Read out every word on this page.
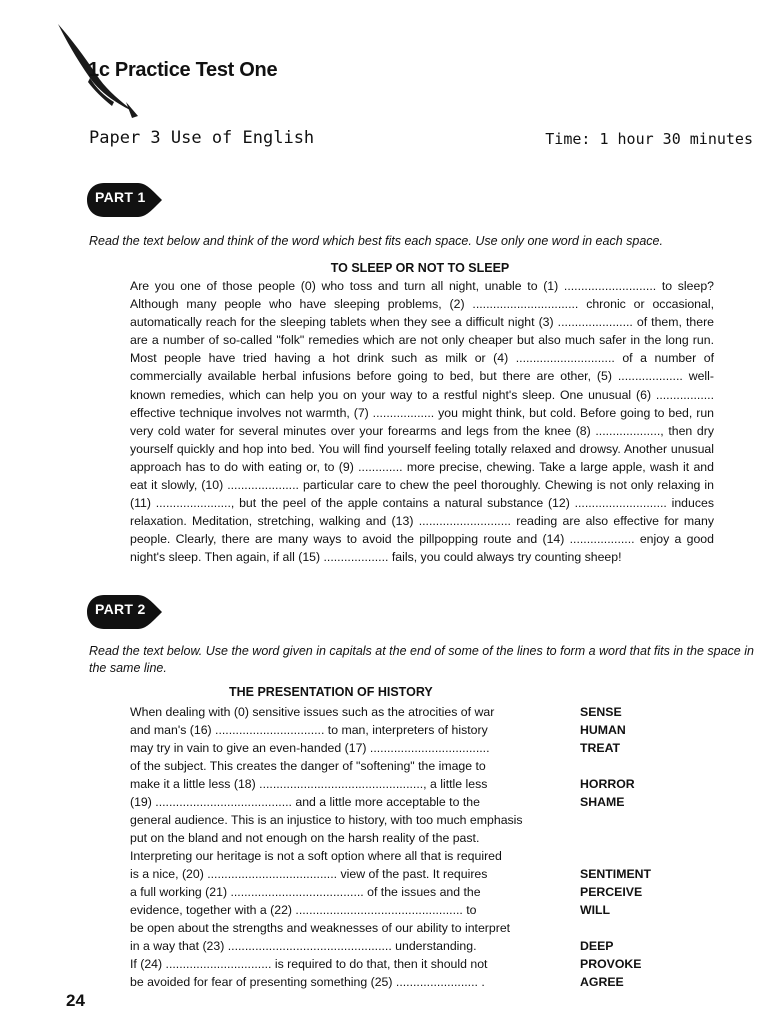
1c Practice Test One
Paper 3 Use of English	Time: 1 hour 30 minutes
PART 1
Read the text below and think of the word which best fits each space. Use only one word in each space.
TO SLEEP OR NOT TO SLEEP

Are you one of those people (0) who toss and turn all night, unable to (1) ........................... to sleep? Although many people who have sleeping problems, (2) ............................... chronic or occasional, automatically reach for the sleeping tablets when they see a difficult night (3) ...................... of them, there are a number of so-called "folk" remedies which are not only cheaper but also much safer in the long run. Most people have tried having a hot drink such as milk or (4) ............................. of a number of commercially available herbal infusions before going to bed, but there are other, (5) ................... well-known remedies, which can help you on your way to a restful night's sleep. One unusual (6) ................. effective technique involves not warmth, (7) .................. you might think, but cold. Before going to bed, run very cold water for several minutes over your forearms and legs from the knee (8) ..................., then dry yourself quickly and hop into bed. You will find yourself feeling totally relaxed and drowsy. Another unusual approach has to do with eating or, to (9) ............. more precise, chewing. Take a large apple, wash it and eat it slowly, (10) ..................... particular care to chew the peel thoroughly. Chewing is not only relaxing in (11) ......................, but the peel of the apple contains a natural substance (12) ........................... induces relaxation. Meditation, stretching, walking and (13) ........................... reading are also effective for many people. Clearly, there are many ways to avoid the pillpopping route and (14) ................... enjoy a good night's sleep. Then again, if all (15) ................... fails, you could always try counting sheep!

PART 2
Read the text below. Use the word given in capitals at the end of some of the lines to form a word that fits in the space in the same line.
THE PRESENTATION OF HISTORY
When dealing with (0) sensitive issues such as the atrocities of war	SENSE
and man's (16) ................................ to man, interpreters of history	HUMAN
may try in vain to give an even-handed (17) ...................................	TREAT
of the subject. This creates the danger of "softening" the image to
make it a little less (18) ................................................, a little less	HORROR
(19) ........................................ and a little more acceptable to the	SHAME
general audience. This is an injustice to history, with too much emphasis
put on the bland and not enough on the harsh reality of the past.
Interpreting our heritage is not a soft option where all that is required
is a nice, (20) ...................................... view of the past. It requires	SENTIMENT
a full working (21) ....................................... of the issues and the	PERCEIVE
evidence, together with a (22) ................................................. to	WILL
be open about the strengths and weaknesses of our ability to interpret
in a way that (23) ................................................ understanding.	DEEP
If (24) ............................... is required to do that, then it should not	PROVOKE
be avoided for fear of presenting something (25) ........................ .	AGREE
24
